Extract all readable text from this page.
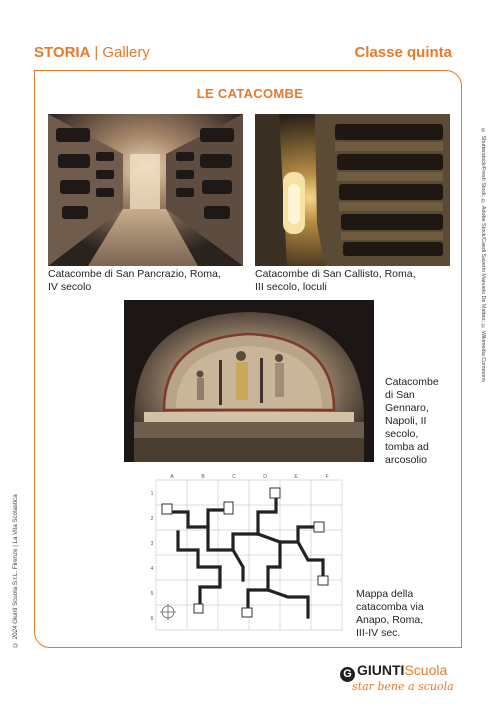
STORIA | Gallery	Classe quinta
LE CATACOMBE
Catacombe di San Pancrazio, Roma,
IV secolo
Catacombe di San Callisto, Roma,
III secolo, loculi
Catacombe
di San
Gennaro,
Napoli, II
secolo,
tomba ad
arcosolio
A	B	C	D	E	F
1
2
3
4
5
6
Mappa della
catacomba via
Anapo, Roma,
III-IV sec.
© Shutterstock/Fresh Stock; © Adobe Stock/Caedi Saverio Manuelo De Matteo; © Wikimedia Commons
© 2024 Giunti Scuola S.r.L. Firenze | La Vita Scolastica
G GIUNTIScuola
star bene a scuola
